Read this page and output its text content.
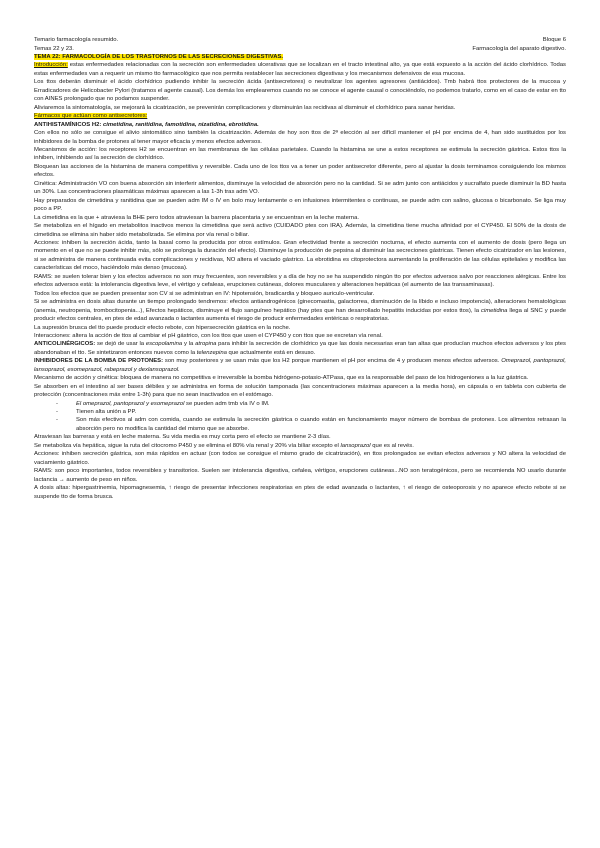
Temario farmacología resumido.	Bloque 6
Temas 22 y 23.	Farmacología del aparato digestivo.
TEMA 22: FARMACOLOGÍA DE LOS TRASTORNOS DE LAS SECRECIONES DIGESTIVAS.

Introducción: estas enfermedades relacionadas con la secreción son enfermedades ulcerativas que se localizan en el tracto intestinal alto, ya que está expuesto a la acción del ácido clorhídrico. Todas estas enfermedades van a requerir un mismo tto farmacológico que nos permita restablecer las secreciones digestivas y los mecanismos defensivos de esa mucosa.

Los ttos deberán disminuir el ácido clorhídrico pudiendo inhibir la secreción ácida (antisecretores) o neutralizar los agentes agresores (antiácidos). Tmb habrá ttos protectores de la mucosa y Erradicadores de Helicobacter Pylori (tratamos el agente causal). Los demás los emplearemos cuando no se conoce el agente causal o conociéndolo, no podemos tratarlo, como en el caso de estar en tto con AINES prolongado que no podamos suspender.

Aliviaremos la sintomatología, se mejorará la cicatrización, se prevenirán complicaciones y disminuirán las recidivas al disminuir el clorhídrico para sanar heridas.

Fármacos que actúan como antisecretores:

ANTIHISTAMÍNICOS H2: cimetidina, ranitidina, famotidina, nizatidina, ebrotidina.

Con ellos no sólo se consigue el alivio sintomático sino también la cicatrización. Además de hoy son ttos de 2ª elección al ser difícil mantener el pH por encima de 4, han sido sustituidos por los inhibidores de la bomba de protones al tener mayor eficacia y menos efectos adversos.

Mecanismos de acción: los receptores H2 se encuentran en las membranas de las células parietales. Cuando la histamina se une a estos receptores se estimula la secreción gástrica. Estos ttos la inhiben, inhibiendo así la secreción de clorhídrico.

Bloquean las acciones de la histamina de manera competitiva y reversible. Cada uno de los ttos va a tener un poder antisecretor diferente, pero al ajustar la dosis terminamos consiguiendo los mismos efectos.

Cinética: Administración VO con buena absorción sin interferir alimentos, disminuye la velocidad de absorción pero no la cantidad. Si se adm junto con antiácidos y sucralfato puede disminuir la BD hasta un 30%. Las concentraciones plasmáticas máximas aparecen a las 1-3h tras adm VO.

Hay preparados de cimetidina y ranitidina que se pueden adm IM o IV en bolo muy lentamente o en infusiones intermitentes o continuas, se puede adm con salino, glucosa o bicarbonato. Se liga muy poco a PP.

La cimetidina es la que + atraviesa la BHE pero todos atraviesan la barrera placentaria y se encuentran en la leche materna.

Se metaboliza en el hígado en metabolitos inactivos menos la cimetidina que será activo (CUIDADO ptes con IRA). Además, la cimetidina tiene mucha afinidad por el CYP450. El 50% de la dosis de cimetidina se elimina sin haber sido metabolizada. Se elimina por vía renal o biliar.

Acciones: inhiben la secreción ácida, tanto la basal como la producida por otros estímulos. Gran efectividad frente a secreción nocturna, el efecto aumenta con el aumento de dosis (pero llega un momento en el que no se puede inhibir más, sólo se prolonga la duración del efecto). Disminuye la producción de pepsina al disminuir las secreciones gástricas. Tienen efecto cicatrizador en las lesiones, si se administra de manera continuada evita complicaciones y recidivas, NO altera el vaciado gástrico. La ebrotidina es citoprotectora aumentando la proliferación de las células epiteliales y modifica las características del moco, haciéndolo más denso (mucosa).

RAMS: se suelen tolerar bien y los efectos adversos no son muy frecuentes, son reversibles y a día de hoy no se ha suspendido ningún tto por efectos adversos salvo por reacciones alérgicas. Entre los efectos adversos está: la intolerancia digestiva leve, el vértigo y cefaleas, erupciones cutáneas, dolores musculares y alteraciones hepáticas (el aumento de las transaminasas).

Todos los efectos que se pueden presentar son CV si se administran en IV: hipotensión, bradicardia y bloqueo auriculo-ventricular.

Si se administra en dosis altas durante un tiempo prolongado tendremos: efectos antiandrogénicos (ginecomastia, galactorrea, disminución de la líbido e incluso impotencia), alteraciones hematológicas (anemia, neutropenia, trombocitopenia...), Efectos hepáticos, disminuye el flujo sanguíneo hepático (hay ptes que han desarrollado hepatitis inducidas por estos ttos), la cimetidina llega al SNC y puede producir efectos centrales, en ptes de edad avanzada o lactantes aumenta el riesgo de producir enfermedades entéricas o respiratorias.

La supresión brusca del tto puede producir efecto rebote, con hipersecreción gástrica en la noche.

Interacciones: altera la acción de ttos al cambiar el pH gástrico, con los ttos que usen el CYP450 y con ttos que se excretan vía renal.

ANTICOLINÉRGICOS: se dejó de usar la escopolamina y la atropina para inhibir la secreción de clorhídrico ya que las dosis necesarias eran tan altas que producían muchos efectos adversos y los ptes abandonaban el tto. Se sintetizaron entonces nuevos como la telenzepina que actualmente está en desuso.

INHIBIDORES DE LA BOMBA DE PROTONES: son muy posteriores y se usan más que los H2 porque mantienen el pH por encima de 4 y producen menos efectos adversos. Omeprazol, pantoprazol, lansoprazol, esomeprazol, rabeprazol y dexlansoprazol.

Mecanismo de acción y cinética: bloquea de manera no competitiva e irreversible la bomba hidrógeno-potasio-ATPasa, que es la responsable del paso de los hidrogeniones a la luz gástrica.

Se absorben en el intestino al ser bases débiles y se administra en forma de solución tamponada (las concentraciones máximas aparecen a la media hora), en cápsula o en tableta con cubierta de protección (concentraciones máx entre 1-3h) para que no sean inactivados en el estómago.

- El omeprazol, pantoprazol y esomeprazol se pueden adm tmb vía IV o IM.
- Tienen alta unión a PP.
- Son más efectivos al adm con comida, cuando se estimula la secreción gástrica o cuando están en funcionamiento mayor número de bombas de protones. Los alimentos retrasan la absorción pero no modifica la cantidad del mismo que se absorbe.

Atraviesan las barreras y está en leche materna. Su vida media es muy corta pero el efecto se mantiene 2-3 días.

Se metaboliza vía hepática, sigue la ruta del citocromo P450 y se elimina el 80% vía renal y 20% vía biliar excepto el lansoprazol que es al revés.

Acciones: inhiben secreción gástrica, son más rápidos en actuar (con todos se consigue el mismo grado de cicatrización), en ttos prolongados se evitan efectos adversos y NO altera la velocidad de vaciamiento gástrico.

RAMS: son poco importantes, todos reversibles y transitorios. Suelen ser intolerancia digestiva, cefalea, vértigos, erupciones cutáneas...NO son teratogénicos, pero se recomienda NO usarlo durante lactancia → aumento de peso en niños.

A dosis altas: hipergastrinemia, hipomagnesemia, ↑ riesgo de presentar infecciones respiratorias en ptes de edad avanzada o lactantes, ↑ el riesgo de osteoporosis y no aparece efecto rebote si se suspende tto de forma brusca.
